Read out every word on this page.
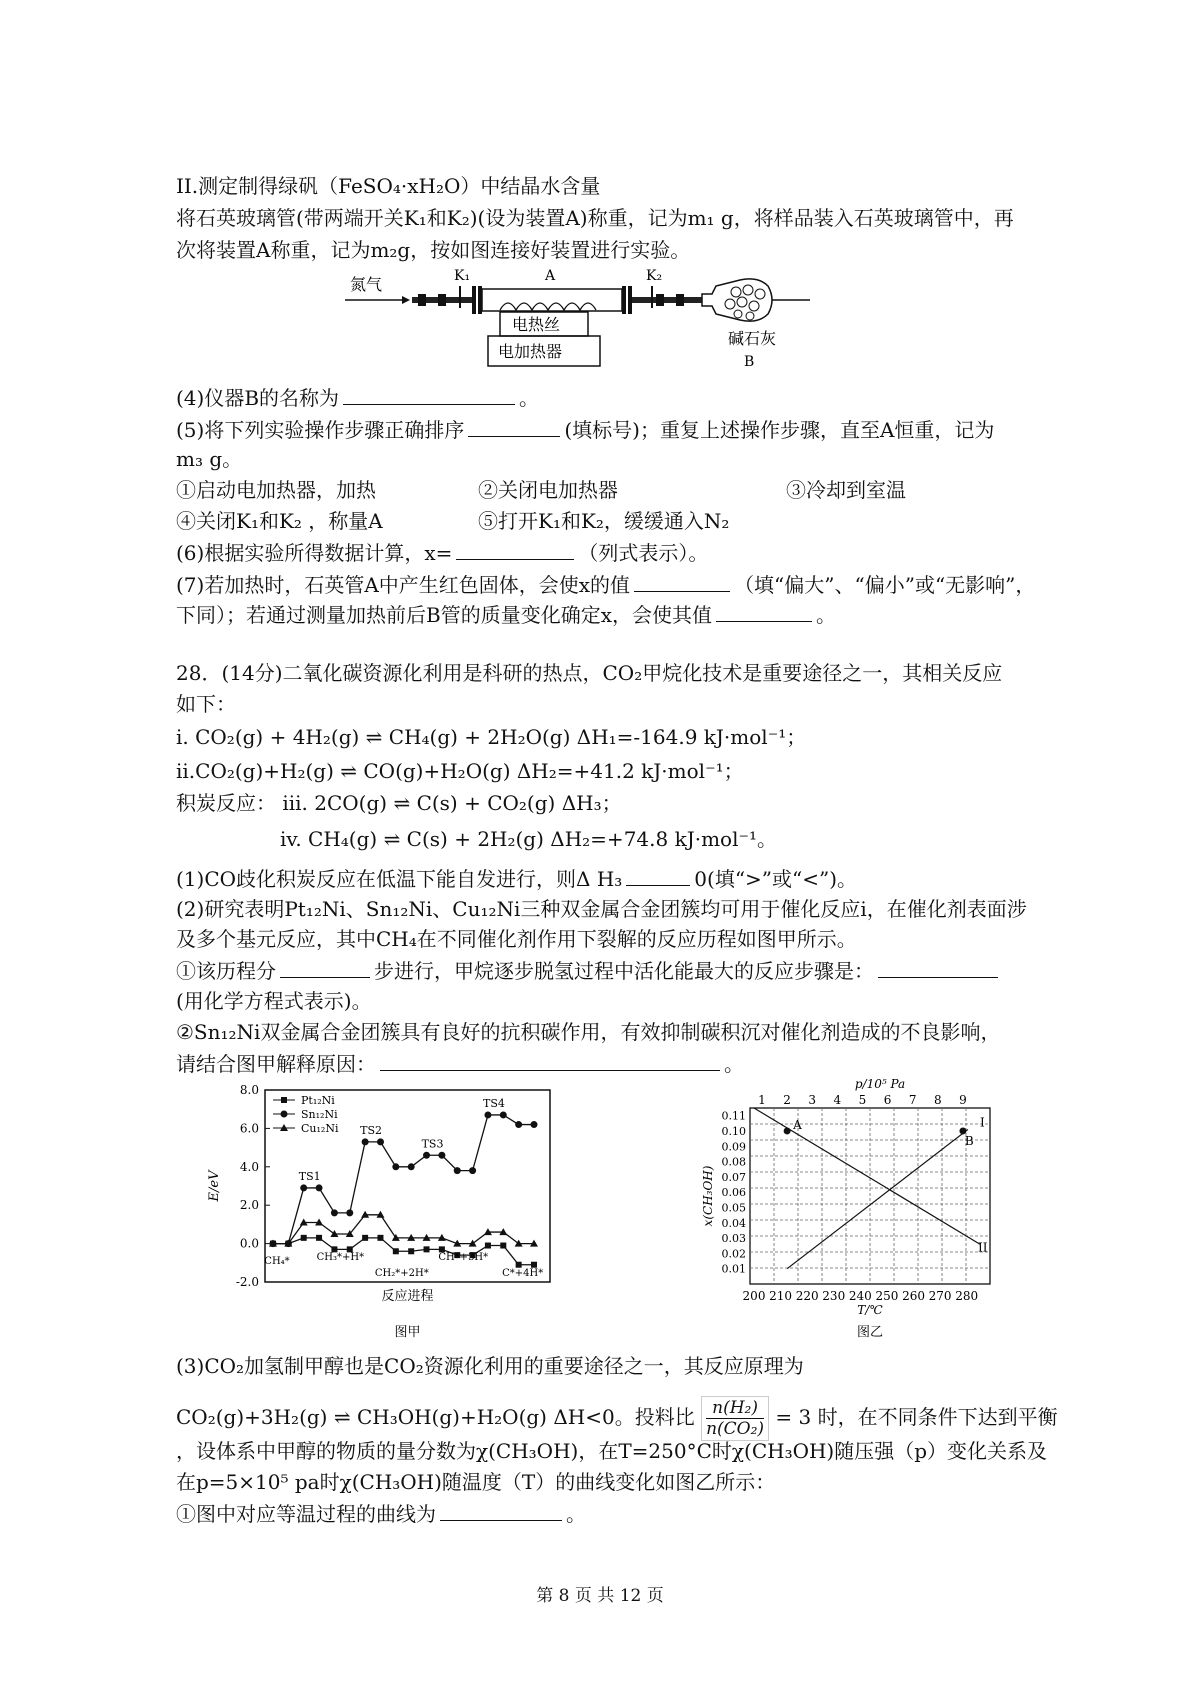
II.测定制得绿矾（FeSO₄·xH₂O）中结晶水含量
将石英玻璃管(带两端开关K₁和K₂)(设为装置A)称重，记为m₁ g，将样品装入石英玻璃管中，再
次将装置A称重，记为m₂g，按如图连接好装置进行实验。
氮气	K₁	A	K₂
碱石灰
B
电热丝
电加热器
(4)仪器B的名称为	。
(5)将下列实验操作步骤正确排序	(填标号)；重复上述操作步骤，直至A恒重，记为
m₃ g。
①启动电加热器，加热	②关闭电加热器	③冷却到室温
④关闭K₁和K₂ ，称量A	⑤打开K₁和K₂，缓缓通入N₂
(6)根据实验所得数据计算，x=	（列式表示）。
(7)若加热时，石英管A中产生红色固体，会使x的值	（填“偏大”、“偏小”或“无影响”，
下同）；若通过测量加热前后B管的质量变化确定x，会使其值	。
28．(14分)二氧化碳资源化利用是科研的热点，CO₂甲烷化技术是重要途径之一，其相关反应
如下：
i. CO₂(g) + 4H₂(g) ⇌ CH₄(g) + 2H₂O(g) ΔH₁=-164.9 kJ·mol⁻¹；
ii.CO₂(g)+H₂(g) ⇌ CO(g)+H₂O(g) ΔH₂=+41.2 kJ·mol⁻¹；
积炭反应： iii. 2CO(g) ⇌ C(s) + CO₂(g) ΔH₃；
iv. CH₄(g) ⇌ C(s) + 2H₂(g) ΔH₂=+74.8 kJ·mol⁻¹。
(1)CO歧化积炭反应在低温下能自发进行，则Δ H₃	0(填“>”或“<”)。
(2)研究表明Pt₁₂Ni、Sn₁₂Ni、Cu₁₂Ni三种双金属合金团簇均可用于催化反应i，在催化剂表面涉
及多个基元反应，其中CH₄在不同催化剂作用下裂解的反应历程如图甲所示。
①该历程分	步进行，甲烷逐步脱氢过程中活化能最大的反应步骤是：
(用化学方程式表示)。
②Sn₁₂Ni双金属合金团簇具有良好的抗积碳作用，有效抑制碳积沉对催化剂造成的不良影响，
请结合图甲解释原因：	。
8.0
6.0
4.0
2.0
0.0
-2.0
E/eV
反应进程
图甲
Pt₁₂Ni
Sn₁₂Ni
Cu₁₂Ni
TS1
TS2
TS3
TS4
CH₄*	CH₃*+H*
CH₂*+2H*
CH*+3H*
C*+4H*
0.11
0.10
0.09
0.08
0.07
0.06
0.05
0.04
0.03
0.02
0.01
x(CH₃OH)
1 2 3 4 5 6 7 8 9
p/10⁵ Pa
200 210 220 230 240 250 260 270 280
T/℃
图乙
A
B
I
II
(3)CO₂加氢制甲醇也是CO₂资源化利用的重要途径之一，其反应原理为
CO₂(g)+3H₂(g) ⇌ CH₃OH(g)+H₂O(g) ΔH<0。投料比 $\frac{\text{n(H₂)}}{\text{n(CO₂)}} = 3$ 时，在不同条件下达到平衡
，设体系中甲醇的物质的量分数为χ(CH₃OH)，在T=250°C时χ(CH₃OH)随压强（p）变化关系及
在p=5×10⁵ pa时χ(CH₃OH)随温度（T）的曲线变化如图乙所示：
①图中对应等温过程的曲线为	。
第 8 页 共 12 页
